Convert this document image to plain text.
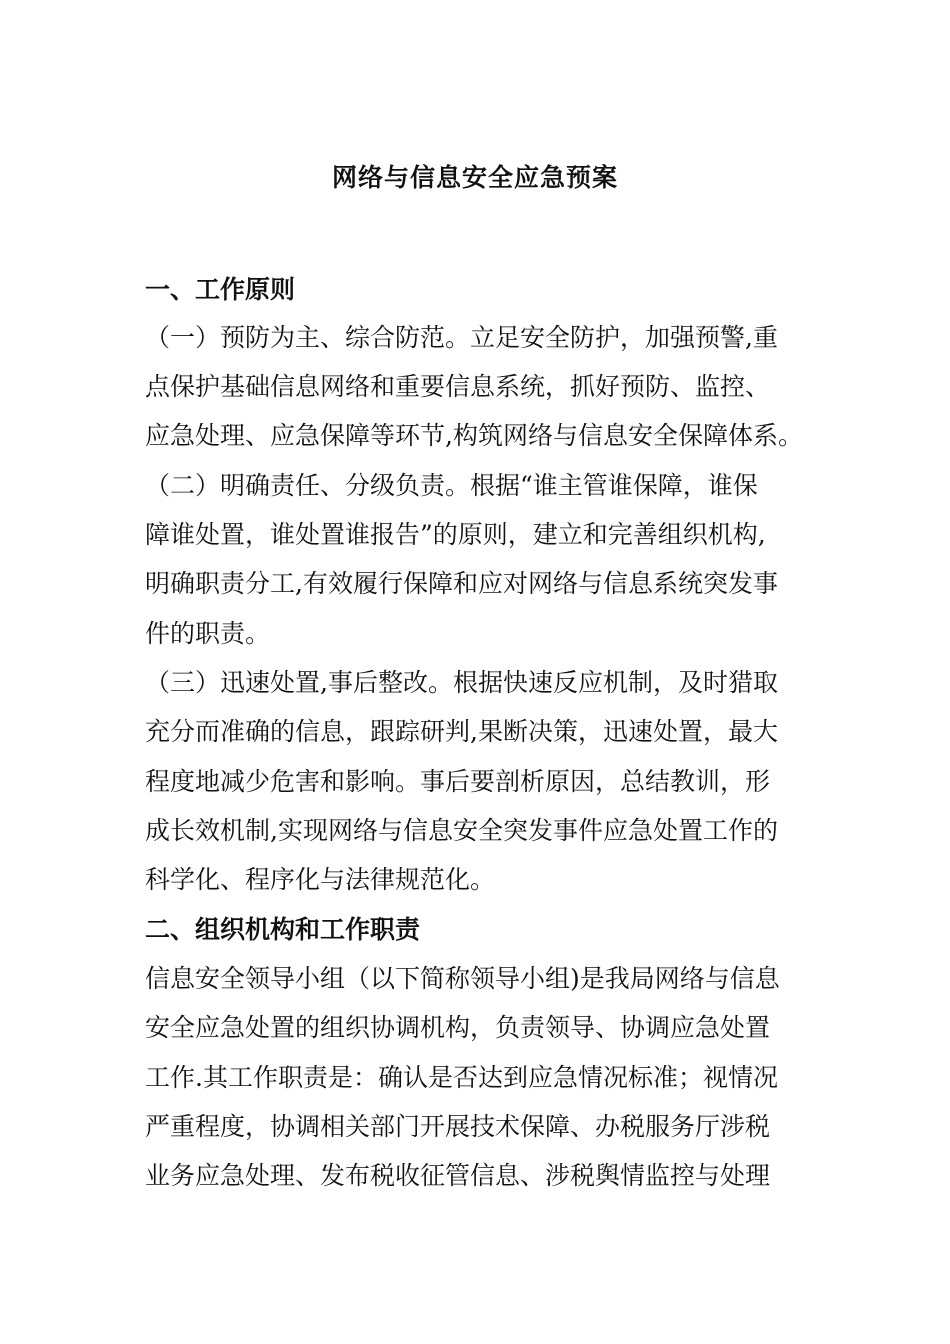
网络与信息安全应急预案
一、工作原则
（一）预防为主、综合防范。立足安全防护，加强预警,重
点保护基础信息网络和重要信息系统，抓好预防、监控、
应急处理、应急保障等环节,构筑网络与信息安全保障体系。
（二）明确责任、分级负责。根据“谁主管谁保障，谁保
障谁处置，谁处置谁报告”的原则，建立和完善组织机构,
明确职责分工,有效履行保障和应对网络与信息系统突发事
件的职责。
（三）迅速处置,事后整改。根据快速反应机制，及时猎取
充分而准确的信息，跟踪研判,果断决策，迅速处置，最大
程度地减少危害和影响。事后要剖析原因，总结教训，形
成长效机制,实现网络与信息安全突发事件应急处置工作的
科学化、程序化与法律规范化。
二、组织机构和工作职责
信息安全领导小组（以下简称领导小组)是我局网络与信息
安全应急处置的组织协调机构，负责领导、协调应急处置
工作.其工作职责是：确认是否达到应急情况标准；视情况
严重程度，协调相关部门开展技术保障、办税服务厅涉税
业务应急处理、发布税收征管信息、涉税舆情监控与处理
